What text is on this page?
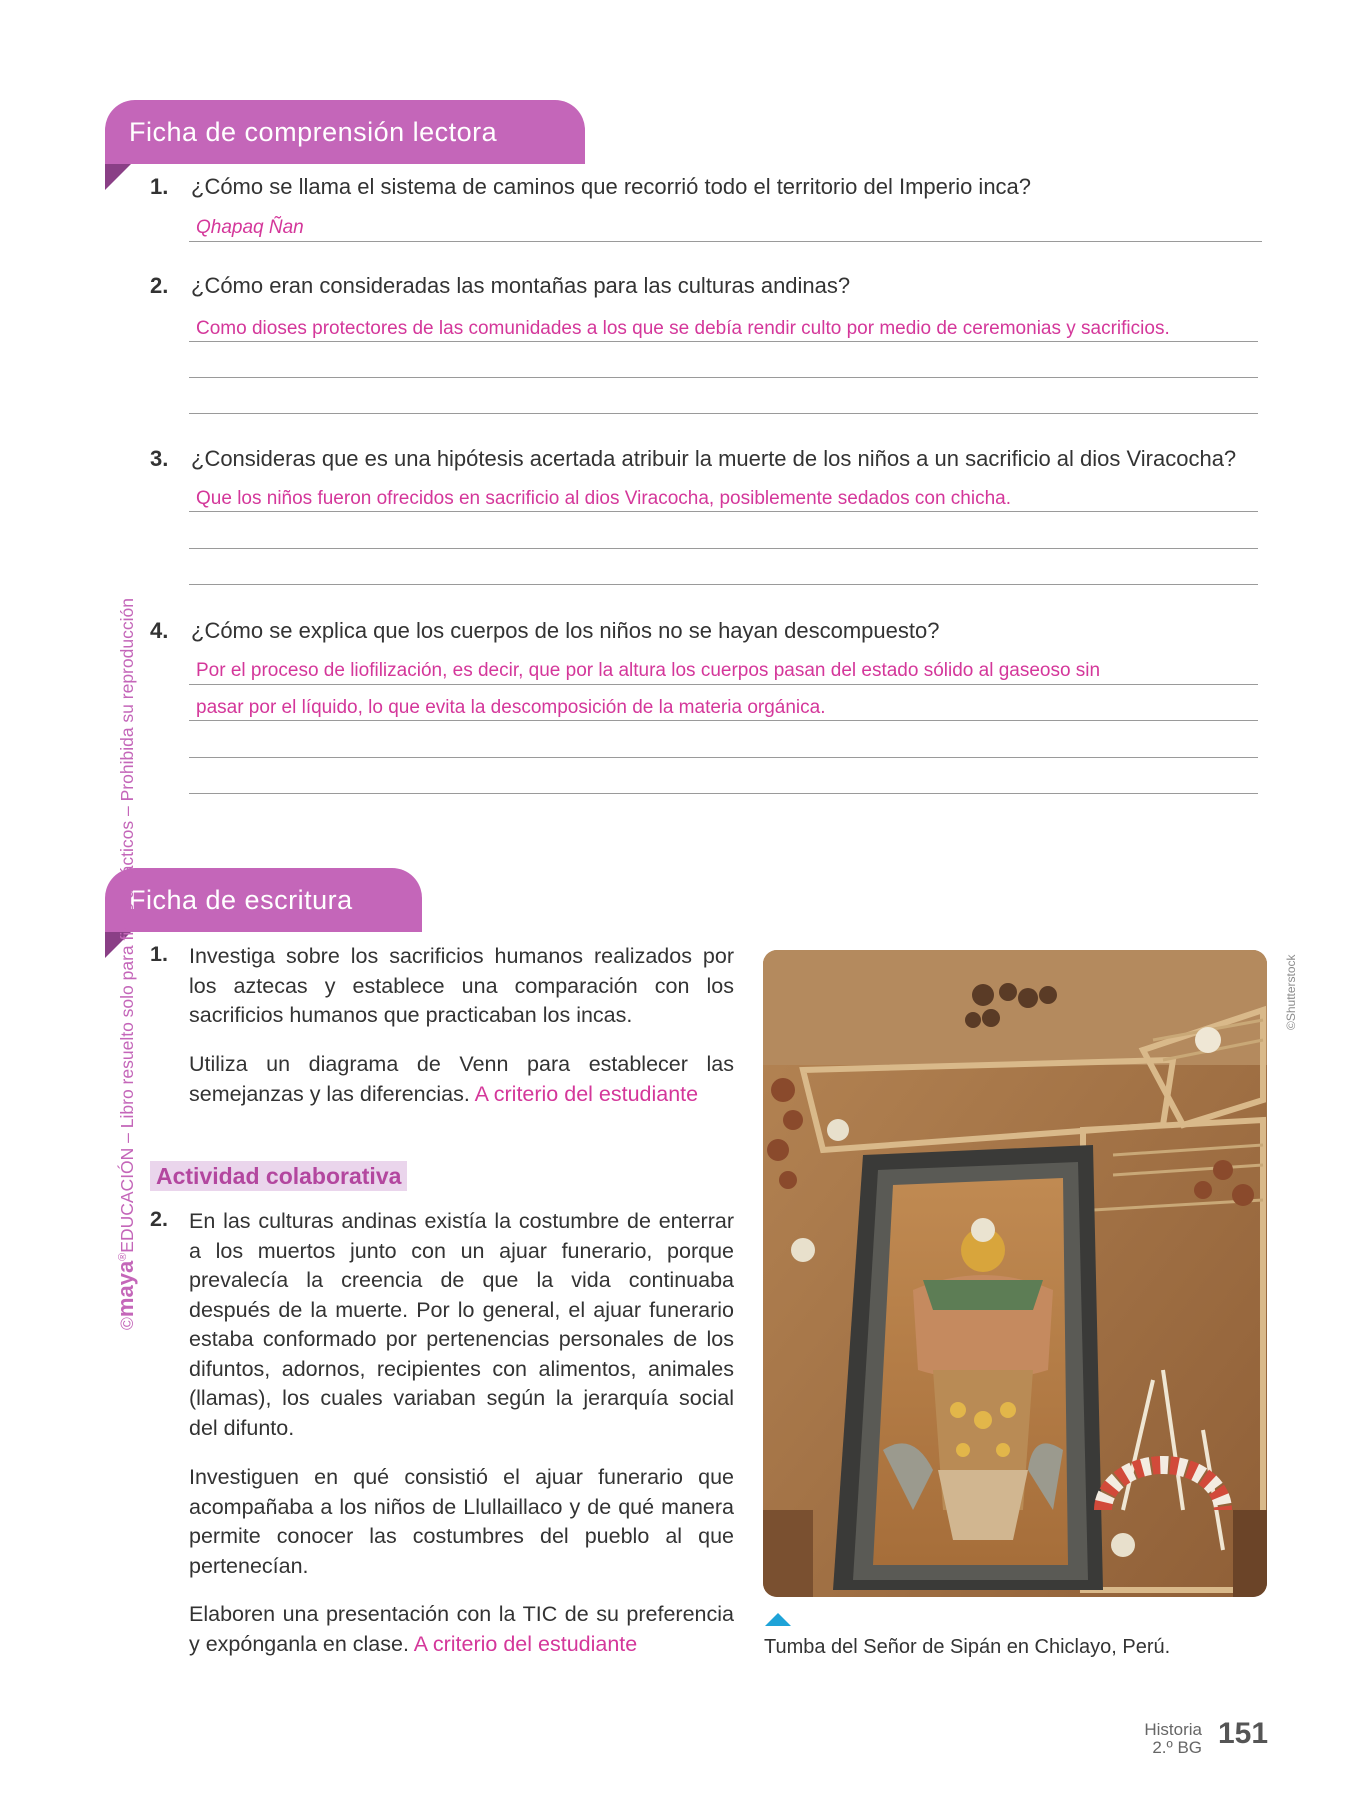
Ficha de comprensión lectora
1. ¿Cómo se llama el sistema de caminos que recorrió todo el territorio del Imperio inca?
Qhapaq Ñan
2. ¿Cómo eran consideradas las montañas para las culturas andinas?
Como dioses protectores de las comunidades a los que se debía rendir culto por medio de ceremonias y sacrificios.
3. ¿Consideras que es una hipótesis acertada atribuir la muerte de los niños a un sacrificio al dios Viracocha?
Que los niños fueron ofrecidos en sacrificio al dios Viracocha, posiblemente sedados con chicha.
4. ¿Cómo se explica que los cuerpos de los niños no se hayan descompuesto?
Por el proceso de liofilización, es decir, que por la altura los cuerpos pasan del estado sólido al gaseoso sin
pasar por el líquido, lo que evita la descomposición de la materia orgánica.
Ficha de escritura
1. Investiga sobre los sacrificios humanos realizados por los aztecas y establece una comparación con los sacrificios humanos que practicaban los incas.
Utiliza un diagrama de Venn para establecer las semejanzas y las diferencias. A criterio del estudiante
Actividad colaborativa
2. En las culturas andinas existía la costumbre de enterrar a los muertos junto con un ajuar funerario, porque prevalecía la creencia de que la vida continuaba después de la muerte. Por lo general, el ajuar funerario estaba conformado por pertenencias personales de los difuntos, adornos, recipientes con alimentos, animales (llamas), los cuales variaban según la jerarquía social del difunto.
Investiguen en qué consistió el ajuar funerario que acompañaba a los niños de Llullaillaco y de qué manera permite conocer las costumbres del pueblo al que pertenecían.
Elaboren una presentación con la TIC de su preferencia y expónganla en clase. A criterio del estudiante
©Shutterstock
Tumba del Señor de Sipán en Chiclayo, Perú.
©maya®EDUCACIÓN – Libro resuelto solo para fines didácticos – Prohibida su reproducción
Historia
2.º BG 151
